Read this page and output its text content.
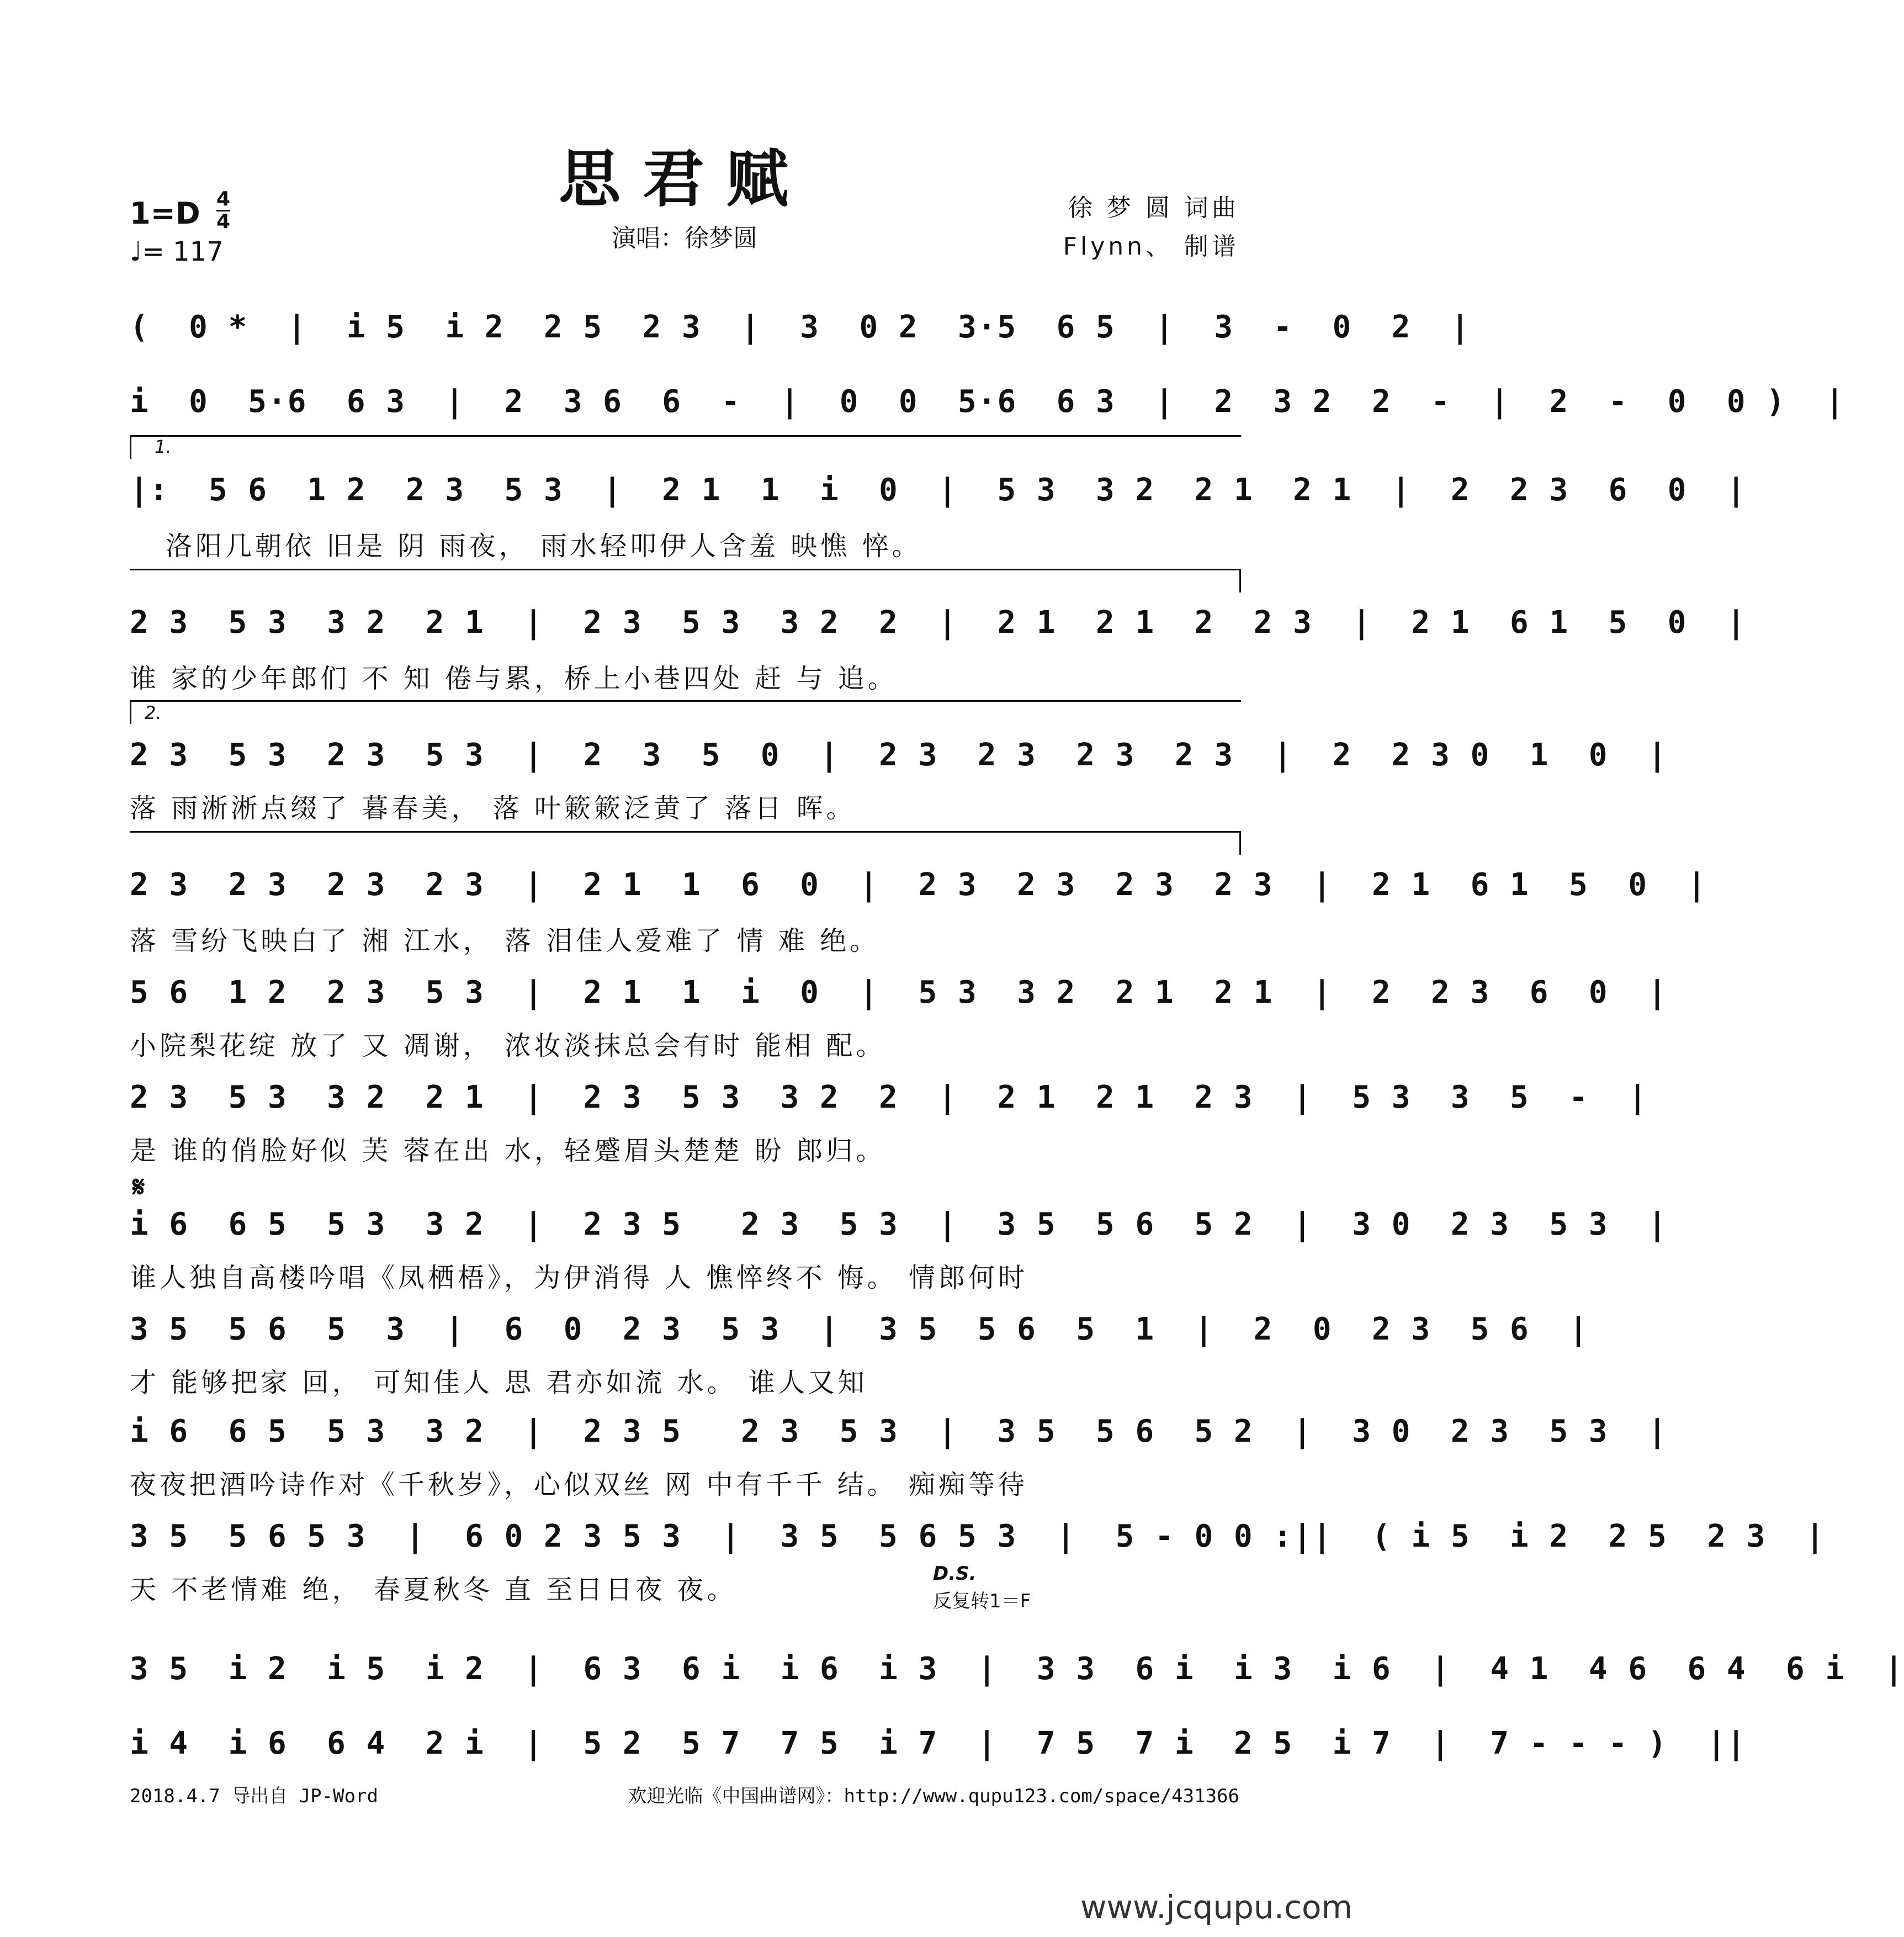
思君赋
1=D 4
4
♩= 117	演唱：徐梦圆
徐 梦 圆 词曲
Flynn、 制谱
(  0 *  |  i 5  i 2  2 5  2 3  |  3  0 2  3·5  6 5  |  3  -  0  2  |
i  0  5·6  6 3  |  2  3 6  6  -  |  0  0  5·6  6 3  |  2  3 2  2  -  |  2  -  0  0 )  |
1.
|:  5 6  1 2  2 3  5 3  |  2 1  1  i  0  |  5 3  3 2  2 1  2 1  |  2  2 3  6  0  |
洛阳几朝依 旧是 阴 雨夜， 雨水轻叩伊人含羞 映憔 悴。
2 3  5 3  3 2  2 1  |  2 3  5 3  3 2  2  |  2 1  2 1  2  2 3  |  2 1  6 1  5  0  |
谁 家的少年郎们 不 知 倦与累，桥上小巷四处 赶 与 追。
2.
2 3  5 3  2 3  5 3  |  2  3  5  0  |  2 3  2 3  2 3  2 3  |  2  2 3 0  1  0  |
落 雨淅淅点缀了 暮春美， 落 叶簌簌泛黄了 落日 晖。
2 3  2 3  2 3  2 3  |  2 1  1  6  0  |  2 3  2 3  2 3  2 3  |  2 1  6 1  5  0  |
落 雪纷飞映白了 湘 江水， 落 泪佳人爱难了 情 难 绝。
5 6  1 2  2 3  5 3  |  2 1  1  i  0  |  5 3  3 2  2 1  2 1  |  2  2 3  6  0  |
小院梨花绽 放了 又 凋谢， 浓妆淡抹总会有时 能相 配。
2 3  5 3  3 2  2 1  |  2 3  5 3  3 2  2  |  2 1  2 1  2 3  |  5 3  3  5  -  |
是 谁的俏脸好似 芙 蓉在出 水，轻蹙眉头楚楚 盼 郎归。
𝄋
i 6  6 5  5 3  3 2  |  2 3 5   2 3  5 3  |  3 5  5 6  5 2  |  3 0  2 3  5 3  |
谁人独自高楼吟唱《凤栖梧》，为伊消得 人 憔悴终不 悔。 情郎何时
3 5  5 6  5  3  |  6  0  2 3  5 3  |  3 5  5 6  5  1  |  2  0  2 3  5 6  |
才 能够把家 回， 可知佳人 思 君亦如流 水。 谁人又知
i 6  6 5  5 3  3 2  |  2 3 5   2 3  5 3  |  3 5  5 6  5 2  |  3 0  2 3  5 3  |
夜夜把酒吟诗作对《千秋岁》，心似双丝 网 中有千千 结。 痴痴等待
3 5  5 6 5 3  |  6 0 2 3 5 3  |  3 5  5 6 5 3  |  5 - 0 0 :||  ( i 5  i 2  2 5  2 3  |
天 不老情难 绝， 春夏秋冬 直 至日日夜 夜。
D.S.
反复转1＝F
3 5  i 2  i 5  i 2  |  6 3  6 i  i 6  i 3  |  3 3  6 i  i 3  i 6  |  4 1  4 6  6 4  6 i  |
i 4  i 6  6 4  2 i  |  5 2  5 7  7 5  i 7  |  7 5  7 i  2 5  i 7  |  7 - - - )  ||
2018.4.7 导出自 JP-Word	欢迎光临《中国曲谱网》：http://www.qupu123.com/space/431366
www.jcqupu.com
